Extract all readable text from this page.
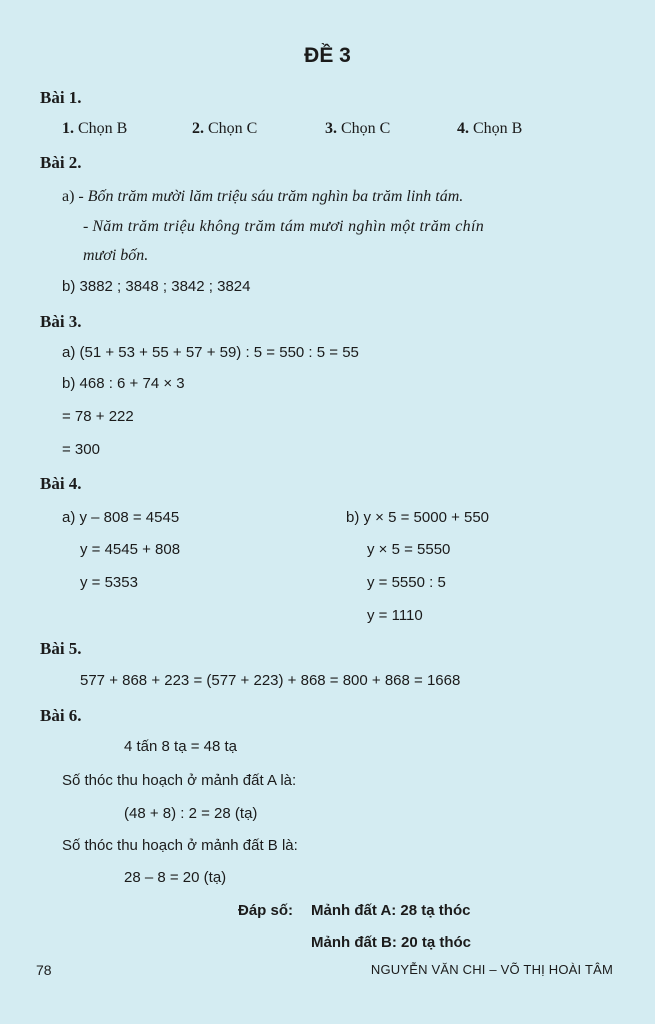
ĐỀ 3
Bài 1.
1. Chọn B	2. Chọn C	3. Chọn C	4. Chọn B
Bài 2.
a) - Bốn trăm mười lăm triệu sáu trăm nghìn ba trăm linh tám.
- Năm trăm triệu không trăm tám mươi nghìn một trăm chín
mươi bốn.
b) 3882 ; 3848 ; 3842 ; 3824
Bài 3.
a) (51 + 53 + 55 + 57 + 59) : 5 = 550 : 5 = 55
b) 468 : 6 + 74 × 3
= 78 + 222
= 300
Bài 4.
a) y – 808 = 4545
y = 4545 + 808
y = 5353
b) y × 5 = 5000 + 550
y × 5 = 5550
y = 5550 : 5
y = 1110
Bài 5.
577 + 868 + 223 = (577 + 223) + 868 = 800 + 868 = 1668
Bài 6.
4 tấn 8 tạ = 48 tạ
Số thóc thu hoạch ở mảnh đất A là:
(48 + 8) : 2 = 28 (tạ)
Số thóc thu hoạch ở mảnh đất B là:
28 – 8 = 20 (tạ)
Đáp số: Mảnh đất A: 28 tạ thóc
Mảnh đất B: 20 tạ thóc
78	NGUYỄN VĂN CHI – VÕ THỊ HOÀI TÂM
